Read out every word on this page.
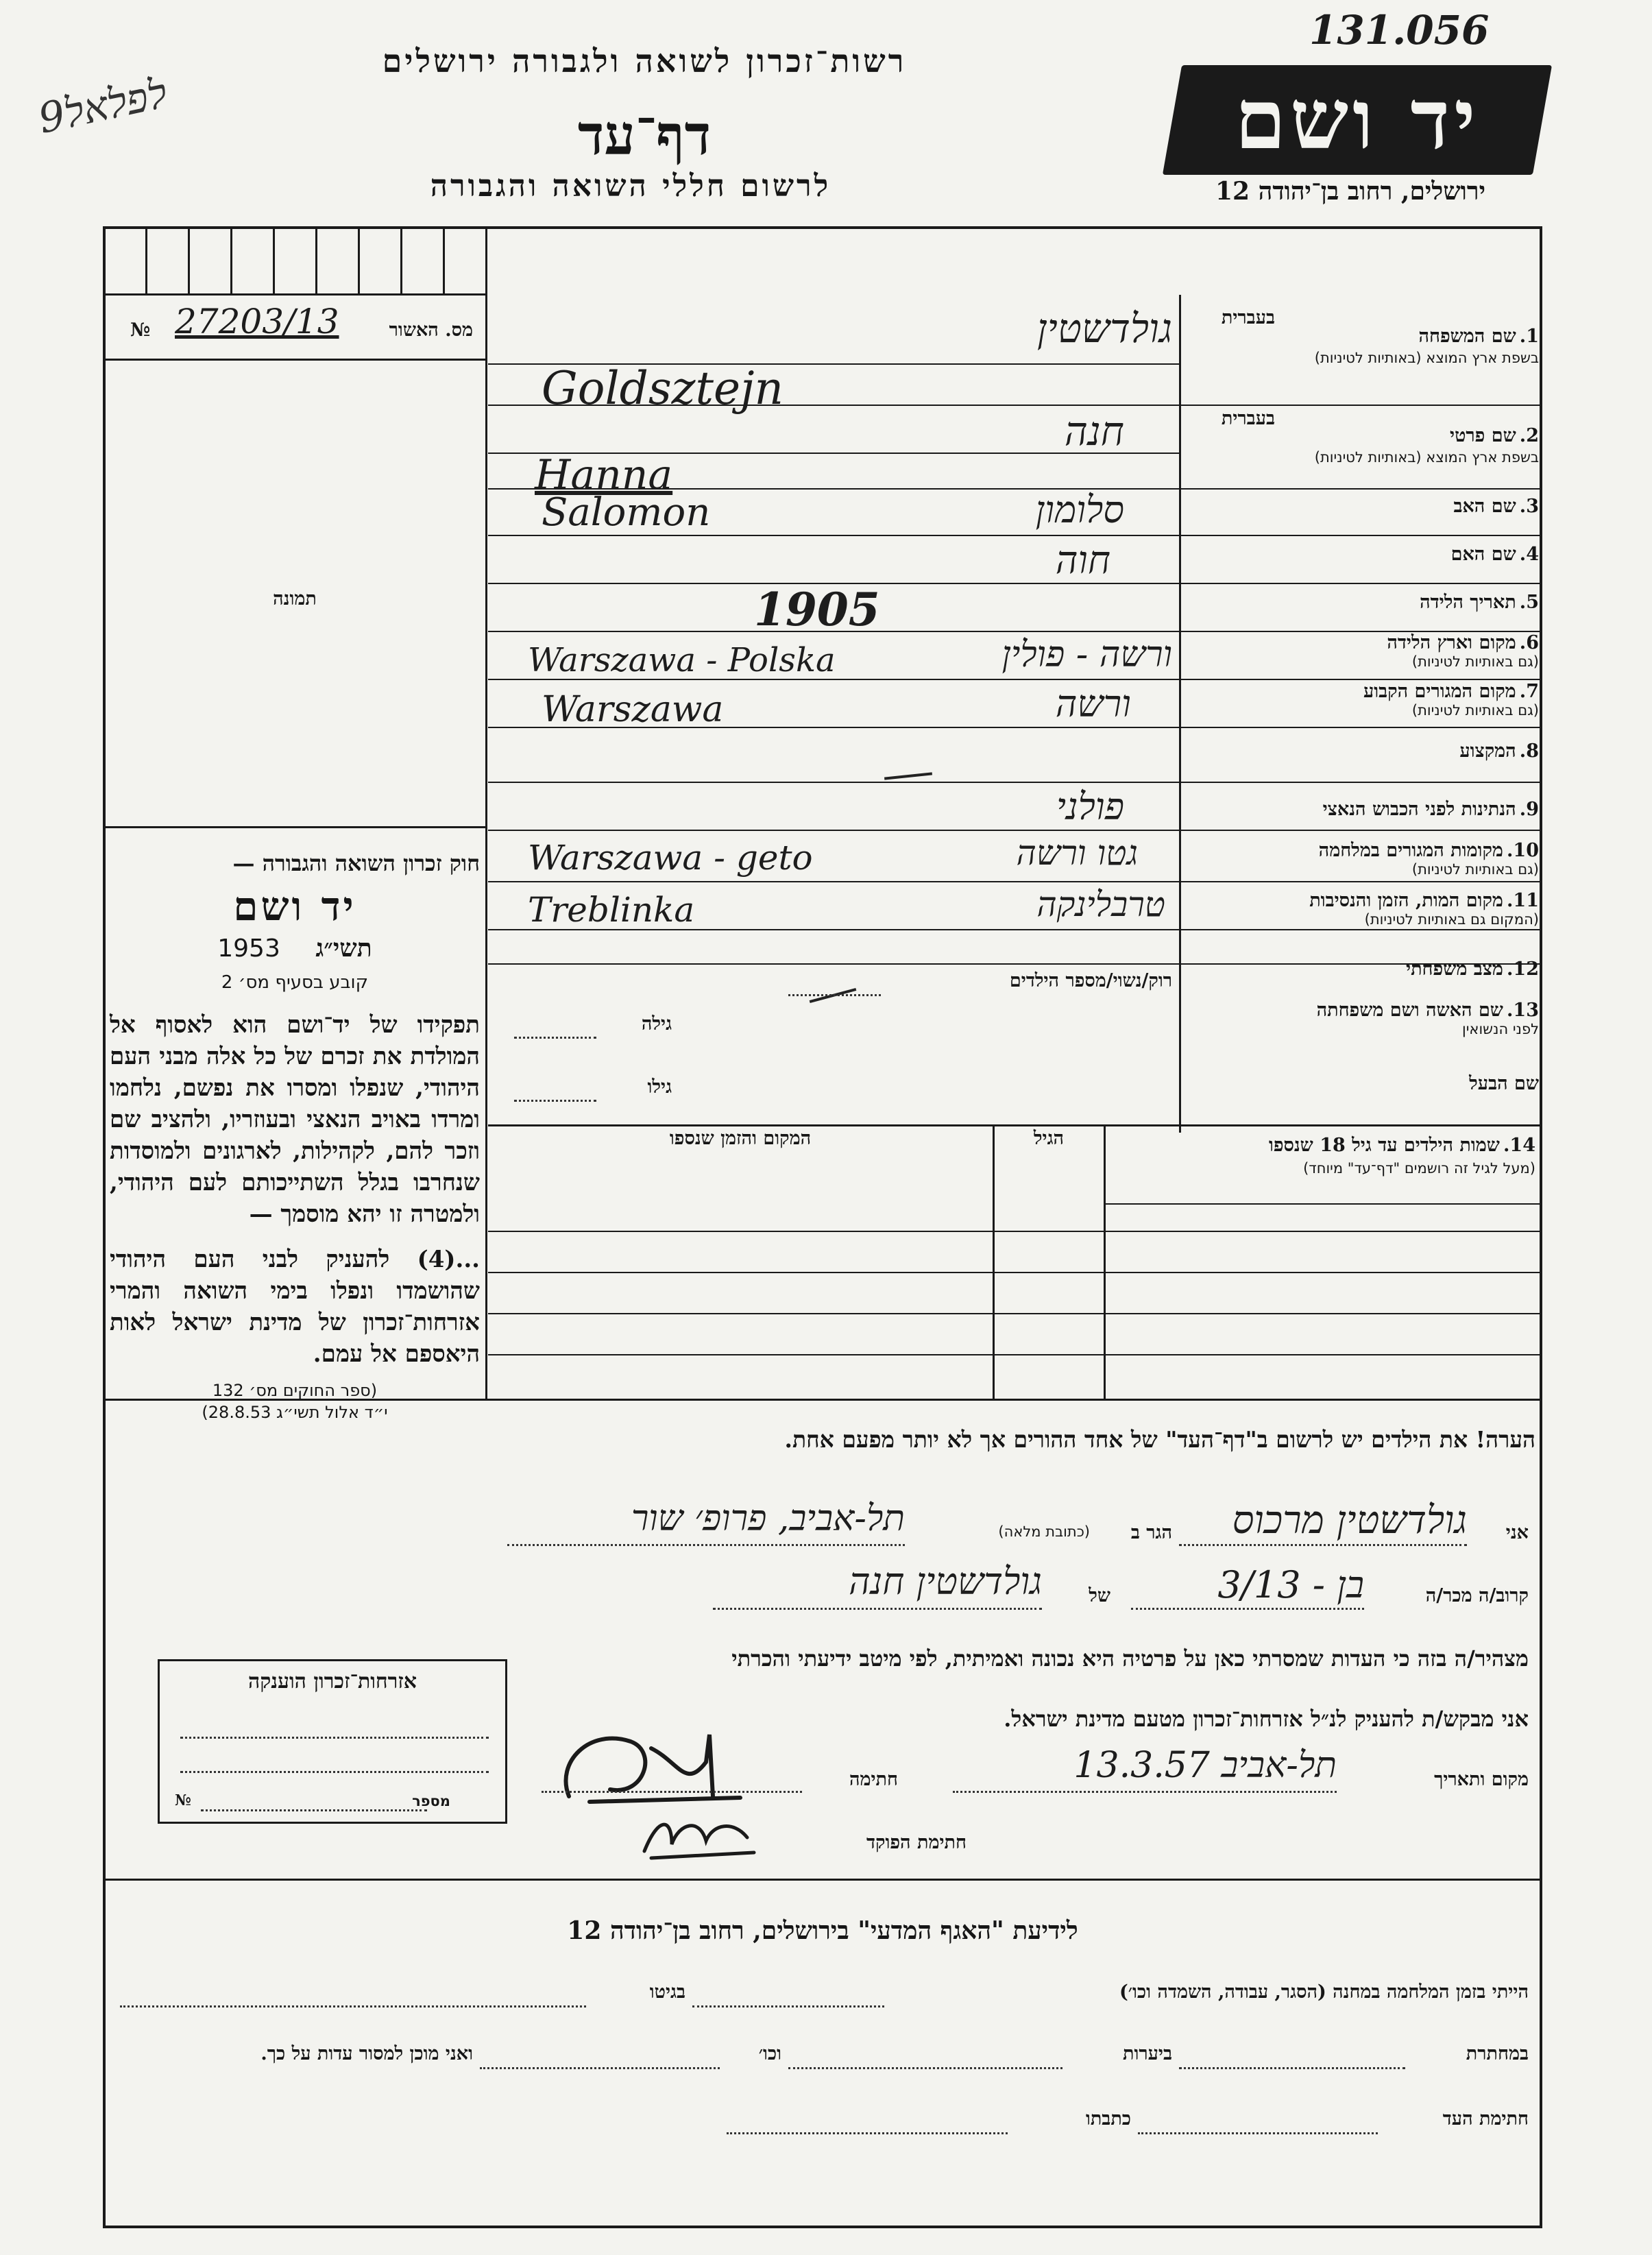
9לפלאל
131.056
רשות־זכרון לשואה ולגבורה ירושלים
דף־עד
לרשום חללי השואה והגבורה
יד ושם
ירושלים, רחוב בן־יהודה 12
№ 27203/13	מס. האשור
תמונה
בעברית
בעברית
1. שם המשפחה
בשפת ארץ המוצא (באותיות לטיניות)
2. שם פרטי
בשפת ארץ המוצא (באותיות לטיניות)
3. שם האב
4. שם האם
5. תאריך הלידה
6. מקום וארץ הלידה
(גם באותיות לטיניות)
7. מקום המגורים הקבוע
(גם באותיות לטיניות)
8. המקצוע
9. הנתינות לפני הכבוש הנאצי
10. מקומות המגורים במלחמה
(גם באותיות לטיניות)
11. מקום המות, הזמן והנסיבות
(המקום גם באותיות לטיניות)
12. מצב משפחתי
13. שם האשה ושם משפחתה
לפני הנשואין
שם הבעל
גולדשטין
Goldsztejn
חנה
Hanna
סלומון
Salomon
חוה
1905
ורשה - פולין
Warszawa - Polska
ורשה
Warszawa
פולני
גטו ורשה
Warszawa - geto
טרבלינקה
Treblinka
רוק/נשוי/מספר הילדים
גילה
גילו
14. שמות הילדים עד גיל 18 שנספו
(מעל לגיל זה רושמים "דף־עד" מיוחד)
הגיל
המקום והזמן שנספו
חוק זכרון השואה והגבורה —
יד ושם
תשי״ג 1953
קובע בסעיף מס׳ 2
תפקידו של יד־ושם הוא לאסוף אל המולדת את זכרם של כל אלה מבני העם היהודי, שנפלו ומסרו את נפשם, נלחמו ומרדו באויב הנאצי ובעוזריו, ולהציב שם וזכר להם, לקהילות, לארגונים ולמוסדות שנחרבו בגלל השתייכותם לעם היהודי, ולמטרה זו יהא מוסמך —
...(4) להעניק לבני העם היהודי שהושמדו ונפלו בימי השואה והמרי אזרחות־זכרון של מדינת ישראל לאות היאספם אל עמם.
(ספר החוקים מס׳ 132
י״ד אלול תשי״ג 28.8.53)
הערה! את הילדים יש לרשום ב"דף־העד" של אחד ההורים אך לא יותר מפעם אחת.
אני
גולדשטין מרכוס
הגר ב
(כתובת מלאה)
תל-אביב, פרופ׳ שור
קרוב/ה מכר/ה
בן - 3/13
של
גולדשטין חנה
מצהיר/ה בזה כי העדות שמסרתי כאן על פרטיה היא נכונה ואמיתית, לפי מיטב ידיעתי והכרתי
אני מבקש/ת להעניק לנ״ל אזרחות־זכרון מטעם מדינת ישראל.
מקום ותאריך
תל-אביב 13.3.57
חתימה
חתימת הפוקד
אזרחות־זכרון הוענקה
№	מספר
לידיעת "האגף המדעי" בירושלים, רחוב בן־יהודה 12
הייתי בזמן המלחמה במחנה (הסגר, עבודה, השמדה וכו׳)
בגיטו
במחתרת
ביערות
וכו׳
ואני מוכן למסור עדות על כך.
חתימת העד
כתבתו
